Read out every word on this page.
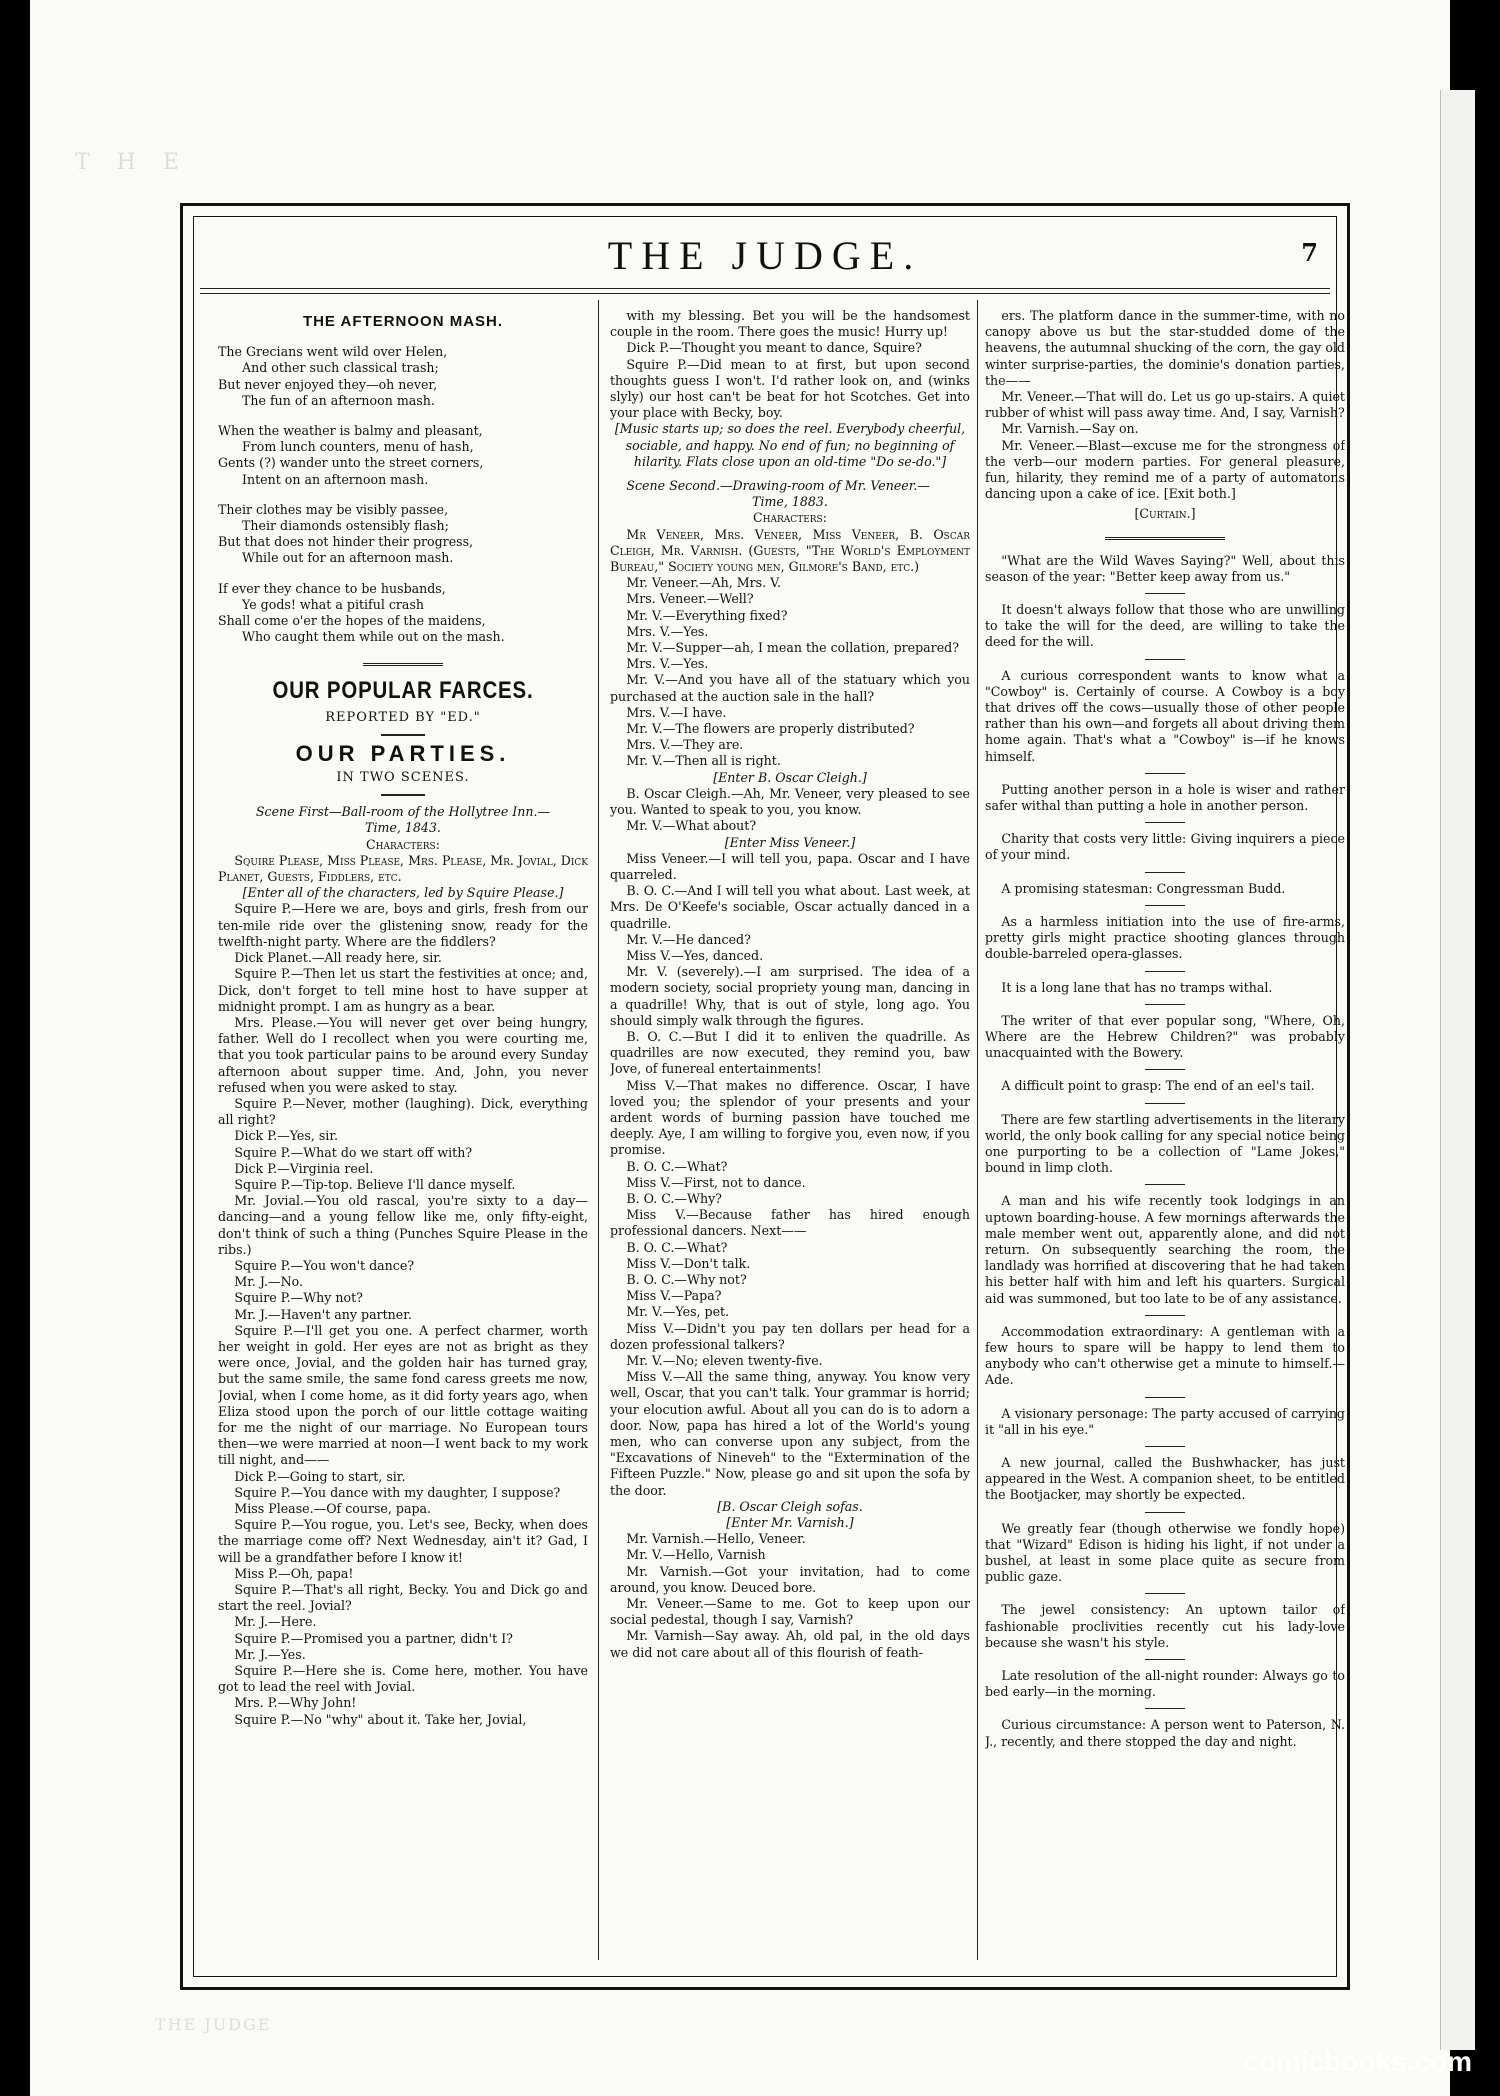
T H E
THE JUDGE
THE JUDGE.	7
THE AFTERNOON MASH.

The Grecians went wild over Helen,

And other such classical trash;

But never enjoyed they—oh never,

The fun of an afternoon mash.

When the weather is balmy and pleasant,

From lunch counters, menu of hash,

Gents (?) wander unto the street corners,

Intent on an afternoon mash.

Their clothes may be visibly passee,

Their diamonds ostensibly flash;

But that does not hinder their progress,

While out for an afternoon mash.

If ever they chance to be husbands,

Ye gods! what a pitiful crash

Shall come o'er the hopes of the maidens,

Who caught them while out on the mash.

OUR POPULAR FARCES.
REPORTED BY "ED."
OUR PARTIES.
IN TWO SCENES.

Scene First—Ball-room of the Hollytree Inn.—

Time, 1843.

Characters:

Squire Please, Miss Please, Mrs. Please, Mr. Jovial, Dick Planet, Guests, Fiddlers, etc.

[Enter all of the characters, led by Squire Please.]

Squire P.—Here we are, boys and girls, fresh from our ten-mile ride over the glistening snow, ready for the twelfth-night party. Where are the fiddlers?

Dick Planet.—All ready here, sir.

Squire P.—Then let us start the festivities at once; and, Dick, don't forget to tell mine host to have supper at midnight prompt. I am as hungry as a bear.

Mrs. Please.—You will never get over being hungry, father. Well do I recollect when you were courting me, that you took particular pains to be around every Sunday afternoon about supper time. And, John, you never refused when you were asked to stay.

Squire P.—Never, mother (laughing). Dick, everything all right?

Dick P.—Yes, sir.

Squire P.—What do we start off with?

Dick P.—Virginia reel.

Squire P.—Tip-top. Believe I'll dance myself.

Mr. Jovial.—You old rascal, you're sixty to a day—dancing—and a young fellow like me, only fifty-eight, don't think of such a thing (Punches Squire Please in the ribs.)

Squire P.—You won't dance?

Mr. J.—No.

Squire P.—Why not?

Mr. J.—Haven't any partner.

Squire P.—I'll get you one. A perfect charmer, worth her weight in gold. Her eyes are not as bright as they were once, Jovial, and the golden hair has turned gray, but the same smile, the same fond caress greets me now, Jovial, when I come home, as it did forty years ago, when Eliza stood upon the porch of our little cottage waiting for me the night of our marriage. No European tours then—we were married at noon—I went back to my work till night, and——

Dick P.—Going to start, sir.

Squire P.—You dance with my daughter, I suppose?

Miss Please.—Of course, papa.

Squire P.—You rogue, you. Let's see, Becky, when does the marriage come off? Next Wednesday, ain't it? Gad, I will be a grandfather before I know it!

Miss P.—Oh, papa!

Squire P.—That's all right, Becky. You and Dick go and start the reel. Jovial?

Mr. J.—Here.

Squire P.—Promised you a partner, didn't I?

Mr. J.—Yes.

Squire P.—Here she is. Come here, mother. You have got to lead the reel with Jovial.

Mrs. P.—Why John!

Squire P.—No "why" about it. Take her, Jovial,

with my blessing. Bet you will be the handsomest couple in the room. There goes the music! Hurry up!

Dick P.—Thought you meant to dance, Squire?

Squire P.—Did mean to at first, but upon second thoughts guess I won't. I'd rather look on, and (winks slyly) our host can't be beat for hot Scotches. Get into your place with Becky, boy.

[Music starts up; so does the reel. Everybody cheerful, sociable, and happy. No end of fun; no beginning of hilarity. Flats close upon an old-time "Do se-do."]

Scene Second.—Drawing-room of Mr. Veneer.—

Time, 1883.

Characters:

Mr Veneer, Mrs. Veneer, Miss Veneer, B. Oscar Cleigh, Mr. Varnish. (Guests, "The World's Employment Bureau," Society young men, Gilmore's Band, etc.)

Mr. Veneer.—Ah, Mrs. V.

Mrs. Veneer.—Well?

Mr. V.—Everything fixed?

Mrs. V.—Yes.

Mr. V.—Supper—ah, I mean the collation, prepared?

Mrs. V.—Yes.

Mr. V.—And you have all of the statuary which you purchased at the auction sale in the hall?

Mrs. V.—I have.

Mr. V.—The flowers are properly distributed?

Mrs. V.—They are.

Mr. V.—Then all is right.

[Enter B. Oscar Cleigh.]

B. Oscar Cleigh.—Ah, Mr. Veneer, very pleased to see you. Wanted to speak to you, you know.

Mr. V.—What about?

[Enter Miss Veneer.]

Miss Veneer.—I will tell you, papa. Oscar and I have quarreled.

B. O. C.—And I will tell you what about. Last week, at Mrs. De O'Keefe's sociable, Oscar actually danced in a quadrille.

Mr. V.—He danced?

Miss V.—Yes, danced.

Mr. V. (severely).—I am surprised. The idea of a modern society, social propriety young man, dancing in a quadrille! Why, that is out of style, long ago. You should simply walk through the figures.

B. O. C.—But I did it to enliven the quadrille. As quadrilles are now executed, they remind you, baw Jove, of funereal entertainments!

Miss V.—That makes no difference. Oscar, I have loved you; the splendor of your presents and your ardent words of burning passion have touched me deeply. Aye, I am willing to forgive you, even now, if you promise.

B. O. C.—What?

Miss V.—First, not to dance.

B. O. C.—Why?

Miss V.—Because father has hired enough professional dancers. Next——

B. O. C.—What?

Miss V.—Don't talk.

B. O. C.—Why not?

Miss V.—Papa?

Mr. V.—Yes, pet.

Miss V.—Didn't you pay ten dollars per head for a dozen professional talkers?

Mr. V.—No; eleven twenty-five.

Miss V.—All the same thing, anyway. You know very well, Oscar, that you can't talk. Your grammar is horrid; your elocution awful. About all you can do is to adorn a door. Now, papa has hired a lot of the World's young men, who can converse upon any subject, from the "Excavations of Nineveh" to the "Extermination of the Fifteen Puzzle." Now, please go and sit upon the sofa by the door.

[B. Oscar Cleigh sofas.

[Enter Mr. Varnish.]

Mr. Varnish.—Hello, Veneer.

Mr. V.—Hello, Varnish

Mr. Varnish.—Got your invitation, had to come around, you know. Deuced bore.

Mr. Veneer.—Same to me. Got to keep upon our social pedestal, though I say, Varnish?

Mr. Varnish—Say away. Ah, old pal, in the old days we did not care about all of this flourish of feath-

ers. The platform dance in the summer-time, with no canopy above us but the star-studded dome of the heavens, the autumnal shucking of the corn, the gay old winter surprise-parties, the dominie's donation parties, the——

Mr. Veneer.—That will do. Let us go up-stairs. A quiet rubber of whist will pass away time. And, I say, Varnish?

Mr. Varnish.—Say on.

Mr. Veneer.—Blast—excuse me for the strongness of the verb—our modern parties. For general pleasure, fun, hilarity, they remind me of a party of automatons dancing upon a cake of ice. [Exit both.]

[Curtain.]

"What are the Wild Waves Saying?" Well, about this season of the year: "Better keep away from us."

It doesn't always follow that those who are unwilling to take the will for the deed, are willing to take the deed for the will.

A curious correspondent wants to know what a "Cowboy" is. Certainly of course. A Cowboy is a boy that drives off the cows—usually those of other people rather than his own—and forgets all about driving them home again. That's what a "Cowboy" is—if he knows himself.

Putting another person in a hole is wiser and rather safer withal than putting a hole in another person.

Charity that costs very little: Giving inquirers a piece of your mind.

A promising statesman: Congressman Budd.

As a harmless initiation into the use of fire-arms, pretty girls might practice shooting glances through double-barreled opera-glasses.

It is a long lane that has no tramps withal.

The writer of that ever popular song, "Where, Oh, Where are the Hebrew Children?" was probably unacquainted with the Bowery.

A difficult point to grasp: The end of an eel's tail.

There are few startling advertisements in the literary world, the only book calling for any special notice being one purporting to be a collection of "Lame Jokes," bound in limp cloth.

A man and his wife recently took lodgings in an uptown boarding-house. A few mornings afterwards the male member went out, apparently alone, and did not return. On subsequently searching the room, the landlady was horrified at discovering that he had taken his better half with him and left his quarters. Surgical aid was summoned, but too late to be of any assistance.

Accommodation extraordinary: A gentleman with a few hours to spare will be happy to lend them to anybody who can't otherwise get a minute to himself.—Ade.

A visionary personage: The party accused of carrying it "all in his eye."

A new journal, called the Bushwhacker, has just appeared in the West. A companion sheet, to be entitled the Bootjacker, may shortly be expected.

We greatly fear (though otherwise we fondly hope) that "Wizard" Edison is hiding his light, if not under a bushel, at least in some place quite as secure from public gaze.

The jewel consistency: An uptown tailor of fashionable proclivities recently cut his lady-love because she wasn't his style.

Late resolution of the all-night rounder: Always go to bed early—in the morning.

Curious circumstance: A person went to Paterson, N. J., recently, and there stopped the day and night.

comicbooks.com
